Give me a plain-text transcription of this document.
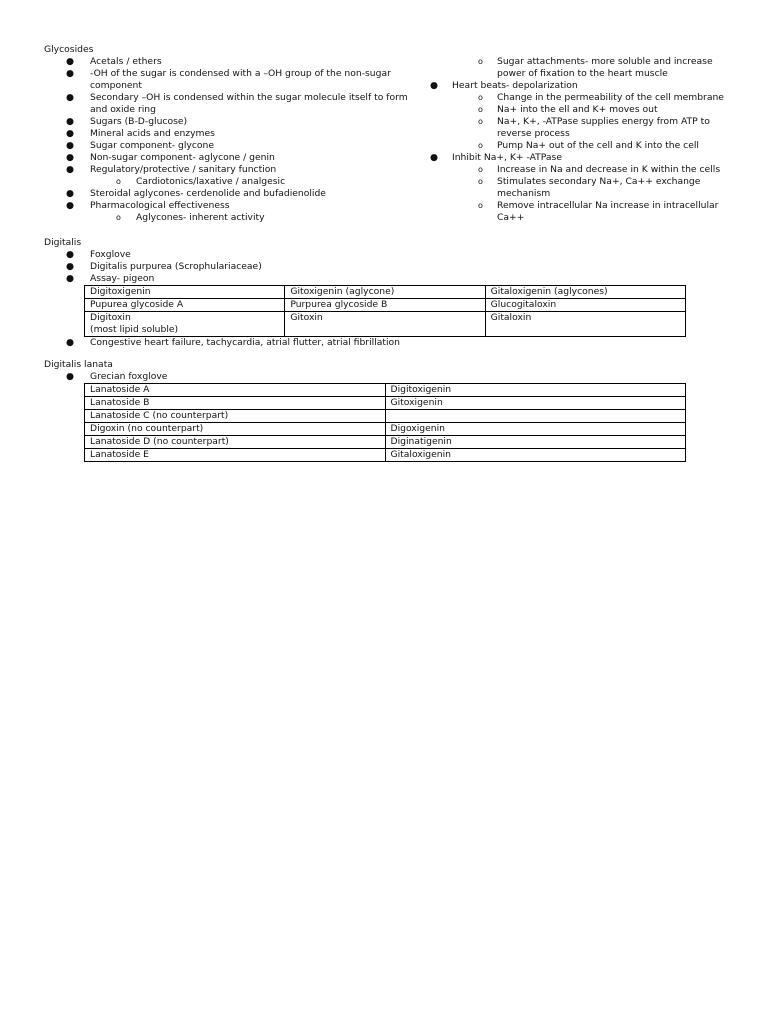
Glycosides
● Acetals / ethers
● -OH of the sugar is condensed with a –OH group of the non-sugar component
● Secondary –OH is condensed within the sugar molecule itself to form and oxide ring
● Sugars (B-D-glucose)
● Mineral acids and enzymes
● Sugar component- glycone
● Non-sugar component- aglycone / genin
● Regulatory/protective / sanitary function
o Cardiotonics/laxative / analgesic
● Steroidal aglycones- cerdenolide and bufadienolide
● Pharmacological effectiveness
o Aglycones- inherent activity
o Sugar attachments- more soluble and increase power of fixation to the heart muscle
● Heart beats- depolarization
o Change in the permeability of the cell membrane
o Na+ into the ell and K+ moves out
o Na+, K+, -ATPase supplies energy from ATP to reverse process
o Pump Na+ out of the cell and K into the cell
● Inhibit Na+, K+ -ATPase
o Increase in Na and decrease in K within the cells
o Stimulates secondary Na+, Ca++ exchange mechanism
o Remove intracellular Na increase in intracellular Ca++
Digitalis
● Foxglove
● Digitalis purpurea (Scrophulariaceae)
● Assay- pigeon
Digitoxigenin	Gitoxigenin (aglycone)	Gitaloxigenin (aglycones)
Pupurea glycoside A	Purpurea glycoside B	Glucogitaloxin
Digitoxin
(most lipid soluble)	Gitoxin	Gitaloxin
● Congestive heart failure, tachycardia, atrial flutter, atrial fibrillation
Digitalis lanata
● Grecian foxglove
Lanatoside A	Digitoxigenin
Lanatoside B	Gitoxigenin
Lanatoside C (no counterpart)	
Digoxin (no counterpart)	Digoxigenin
Lanatoside D (no counterpart)	Diginatigenin
Lanatoside E	Gitaloxigenin
